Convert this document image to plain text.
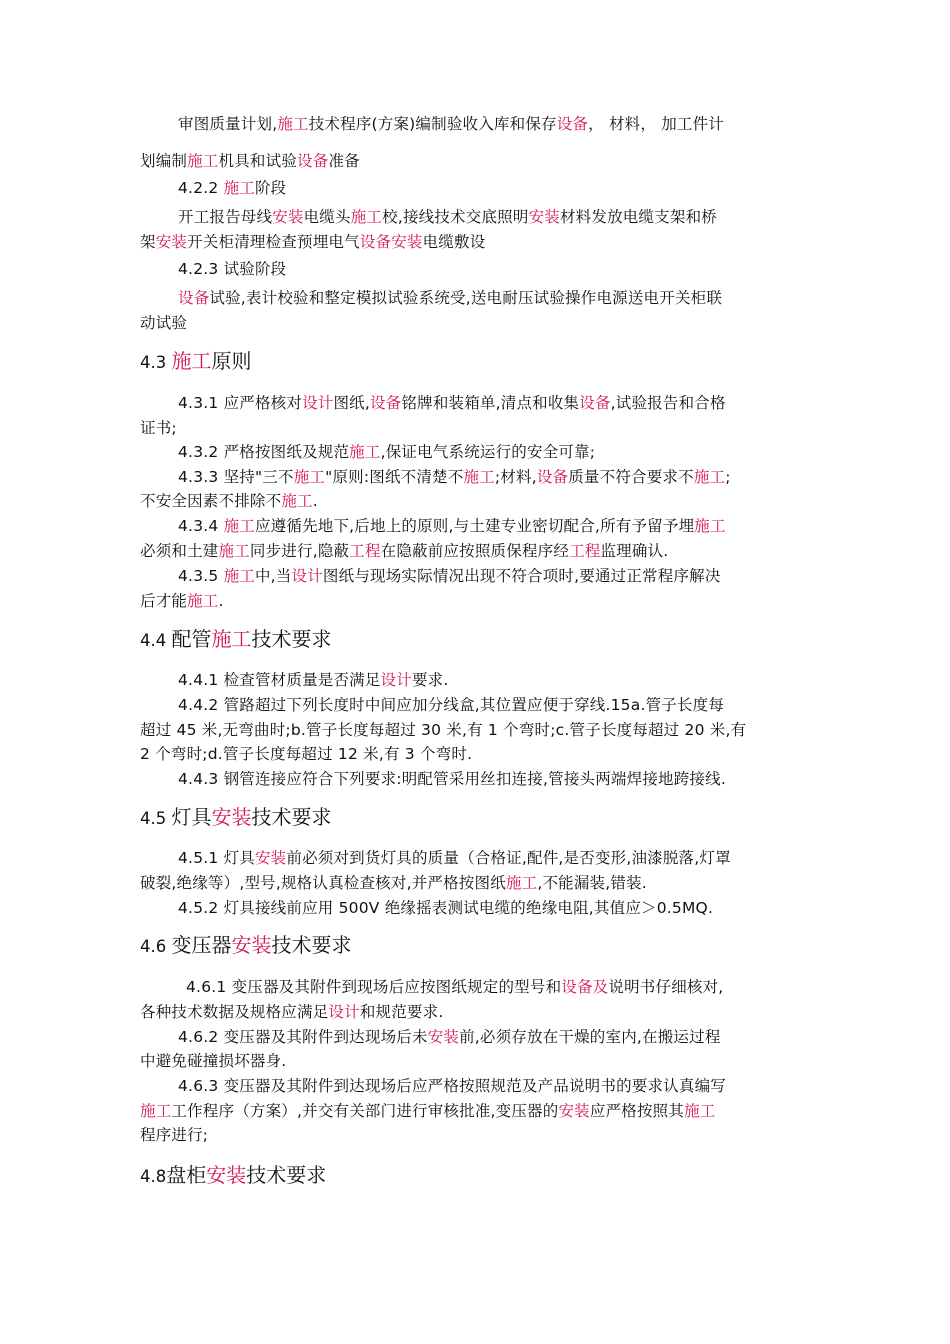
审图质量计划,施工技术程序(方案)编制验收入库和保存设备， 材料， 加工件计
划编制施工机具和试验设备准备
4.2.2 施工阶段
开工报告母线安装电缆头施工校,接线技术交底照明安装材料发放电缆支架和桥
架安装开关柜清理检查预埋电气设备安装电缆敷设
4.2.3 试验阶段
设备试验,表计校验和整定模拟试验系统受,送电耐压试验操作电源送电开关柜联
动试验
4.3 施工原则
4.3.1 应严格核对设计图纸,设备铭牌和装箱单,清点和收集设备,试验报告和合格
证书;
4.3.2 严格按图纸及规范施工,保证电气系统运行的安全可靠;
4.3.3 坚持"三不施工"原则:图纸不清楚不施工;材料,设备质量不符合要求不施工;
不安全因素不排除不施工.
4.3.4 施工应遵循先地下,后地上的原则,与土建专业密切配合,所有予留予埋施工
必须和土建施工同步进行,隐蔽工程在隐蔽前应按照质保程序经工程监理确认.
4.3.5 施工中,当设计图纸与现场实际情况出现不符合项时,要通过正常程序解决
后才能施工.
4.4 配管施工技术要求
4.4.1 检查管材质量是否满足设计要求.
4.4.2 管路超过下列长度时中间应加分线盒,其位置应便于穿线.15a.管子长度每
超过 45 米,无弯曲时;b.管子长度每超过 30 米,有 1 个弯时;c.管子长度每超过 20 米,有
2 个弯时;d.管子长度每超过 12 米,有 3 个弯时.
4.4.3 钢管连接应符合下列要求:明配管采用丝扣连接,管接头两端焊接地跨接线.
4.5 灯具安装技术要求
4.5.1 灯具安装前必须对到货灯具的质量（合格证,配件,是否变形,油漆脱落,灯罩
破裂,绝缘等）,型号,规格认真检查核对,并严格按图纸施工,不能漏装,错装.
4.5.2 灯具接线前应用 500V 绝缘摇表测试电缆的绝缘电阻,其值应＞0.5MQ.
4.6 变压器安装技术要求
4.6.1 变压器及其附件到现场后应按图纸规定的型号和设备及说明书仔细核对,
各种技术数据及规格应满足设计和规范要求.
4.6.2 变压器及其附件到达现场后未安装前,必须存放在干燥的室内,在搬运过程
中避免碰撞损坏器身.
4.6.3 变压器及其附件到达现场后应严格按照规范及产品说明书的要求认真编写
施工工作程序（方案）,并交有关部门进行审核批准,变压器的安装应严格按照其施工
程序进行;
4.8盘柜安装技术要求
